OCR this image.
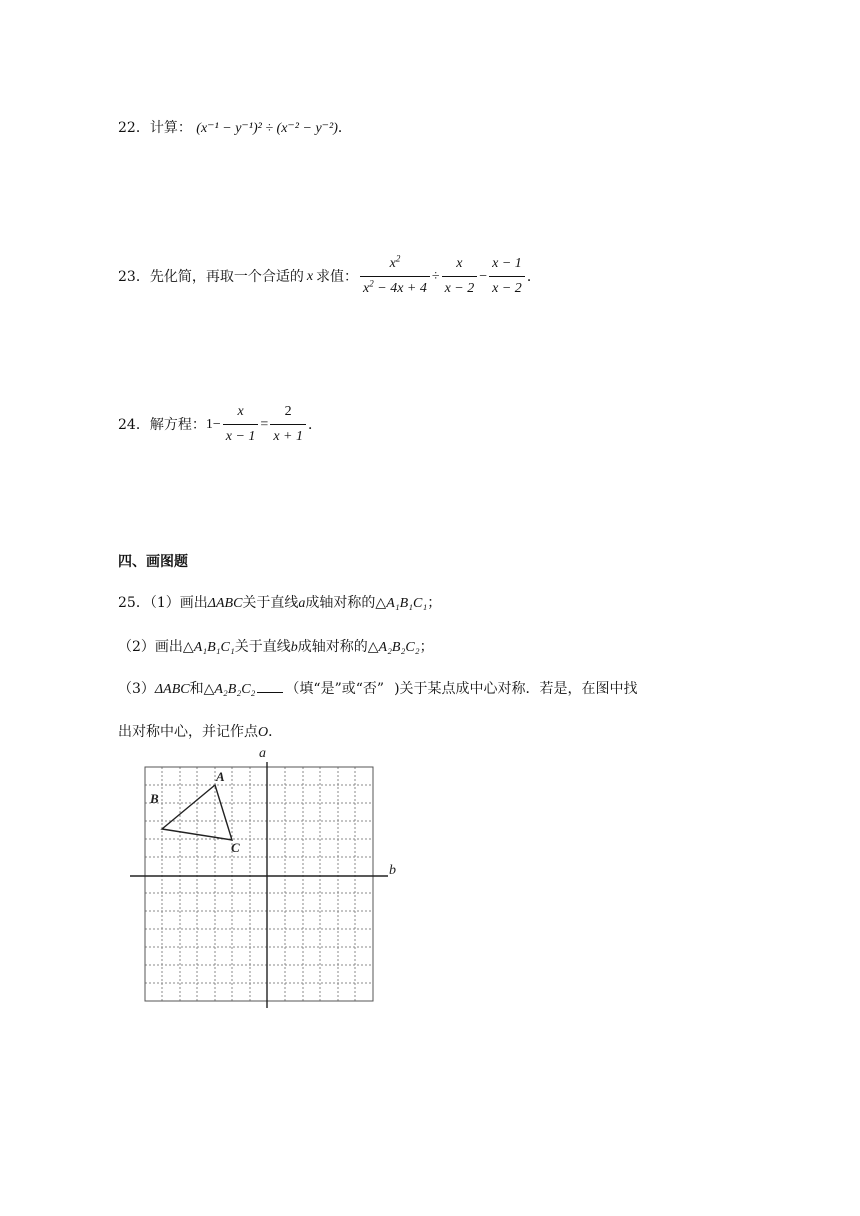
22．计算： (x⁻¹ − y⁻¹)² ÷ (x⁻² − y⁻²)．
23． 先化简，再取一个合适的 x 求值： $\frac{x^2}{x^2 - 4x + 4} \div \frac{x}{x - 2} - \frac{x - 1}{x - 2}$ ．
24． 解方程： $1 - \frac{x}{x - 1} = \frac{2}{x + 1}$ ．
四、画图题
25．（1）画出ΔABC关于直线a成轴对称的△A₁B₁C₁；
（2）画出△A₁B₁C₁关于直线b成轴对称的△A₂B₂C₂；
（3）ΔABC和△A₂B₂C₂ （填“是”或“否” )关于某点成中心对称．若是，在图中找
出对称中心，并记作点O．
a
b
A
B
C
